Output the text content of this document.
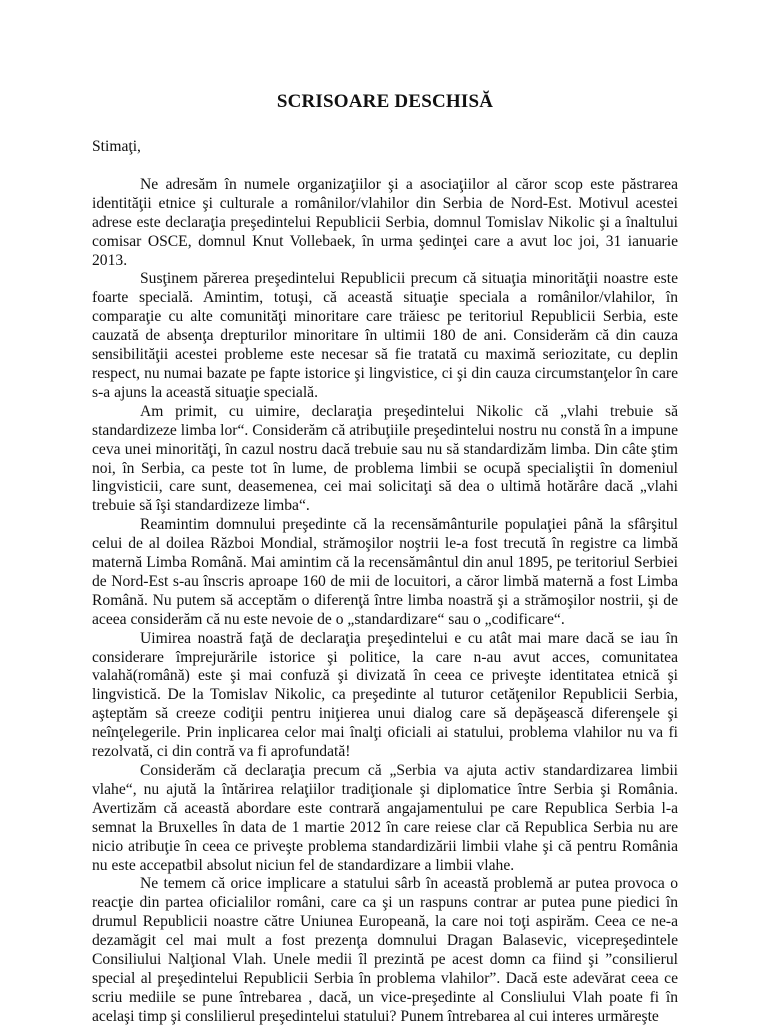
SCRISOARE DESCHISĂ

Stimaţi,

Ne adresăm în numele organizaţiilor şi a asociaţiilor al căror scop este păstrarea identităţii etnice şi culturale a românilor/vlahilor din Serbia de Nord-Est. Motivul acestei adrese este declaraţia preşedintelui Republicii Serbia, domnul Tomislav Nikolic şi a înaltului comisar OSCE, domnul Knut Vollebaek, în urma şedinţei care a avut loc joi, 31 ianuarie 2013.

Susţinem părerea preşedintelui Republicii precum că situaţia minorităţii noastre este foarte specială. Amintim, totuşi, că această situaţie speciala a românilor/vlahilor, în comparaţie cu alte comunităţi minoritare care trăiesc pe teritoriul Republicii Serbia, este cauzată de absenţa drepturilor minoritare în ultimii 180 de ani. Considerăm că din cauza sensibilităţii acestei probleme este necesar să fie tratată cu maximă seriozitate, cu deplin respect, nu numai bazate pe fapte istorice şi lingvistice, ci şi din cauza circumstanţelor în care s-a ajuns la această situaţie specială.

Am primit, cu uimire, declaraţia preşedintelui Nikolic că „vlahi trebuie să standardizeze limba lor“. Considerăm că atribuţiile preşedintelui nostru nu constă în a impune ceva unei minorităţi, în cazul nostru dacă trebuie sau nu să standardizăm limba. Din câte ştim noi, în Serbia, ca peste tot în lume, de problema limbii se ocupă specialiştii în domeniul lingvisticii, care sunt, deasemenea, cei mai solicitaţi să dea o ultimă hotărâre dacă „vlahi trebuie să îşi standardizeze limba“.

Reamintim domnului preşedinte că la recensământurile populaţiei până la sfârşitul celui de al doilea Război Mondial, strămoşilor noştrii le-a fost trecută în registre ca limbă maternă Limba Română. Mai amintim că la recensământul din anul 1895, pe teritoriul Serbiei de Nord-Est s-au înscris aproape 160 de mii de locuitori, a căror limbă maternă a fost Limba Română. Nu putem să acceptăm o diferenţă între limba noastră şi a strămoşilor nostrii, şi de aceea considerăm că nu este nevoie de o „standardizare“ sau o „codificare“.

Uimirea noastră faţă de declaraţia preşedintelui e cu atât mai mare dacă se iau în considerare împrejurările istorice şi politice, la care n-au avut acces, comunitatea valahă(română) este şi mai confuză şi divizată în ceea ce priveşte identitatea etnică şi lingvistică. De la Tomislav Nikolic, ca preşedinte al tuturor cetăţenilor Republicii Serbia, aşteptăm să creeze codiţii pentru iniţierea unui dialog care să depăşească diferenşele şi neînţelegerile. Prin inplicarea celor mai înalţi oficiali ai statului, problema vlahilor nu va fi rezolvată, ci din contră va fi aprofundată!

Considerăm că declaraţia precum că „Serbia va ajuta activ standardizarea limbii vlahe“, nu ajută la întărirea relaţiilor tradiţionale şi diplomatice între Serbia şi România. Avertizăm că această abordare este contrară angajamentului pe care Republica Serbia l-a semnat la Bruxelles în data de 1 martie 2012 în care reiese clar că Republica Serbia nu are nicio atribuţie în ceea ce priveşte problema standardizării limbii vlahe şi că pentru România nu este accepatbil absolut niciun fel de standardizare a limbii vlahe.

Ne temem că orice implicare a statului sârb în această problemă ar putea provoca o reacţie din partea oficialilor români, care ca şi un raspuns contrar ar putea pune piedici în drumul Republicii noastre către Uniunea Europeană, la care noi toţi aspirăm. Ceea ce ne-a dezamăgit cel mai mult a fost prezenţa domnului Dragan Balasevic, vicepreşedintele Consiliului Nalţional Vlah. Unele medii îl prezintă pe acest domn ca fiind şi ”consilierul special al preşedintelui Republicii Serbia în problema vlahilor”. Dacă este adevărat ceea ce scriu mediile se pune întrebarea , dacă, un vice-preşedinte al Consliului Vlah poate fi în acelaşi timp şi conslilierul preşedintelui statului? Punem întrebarea al cui interes urmăreşte
